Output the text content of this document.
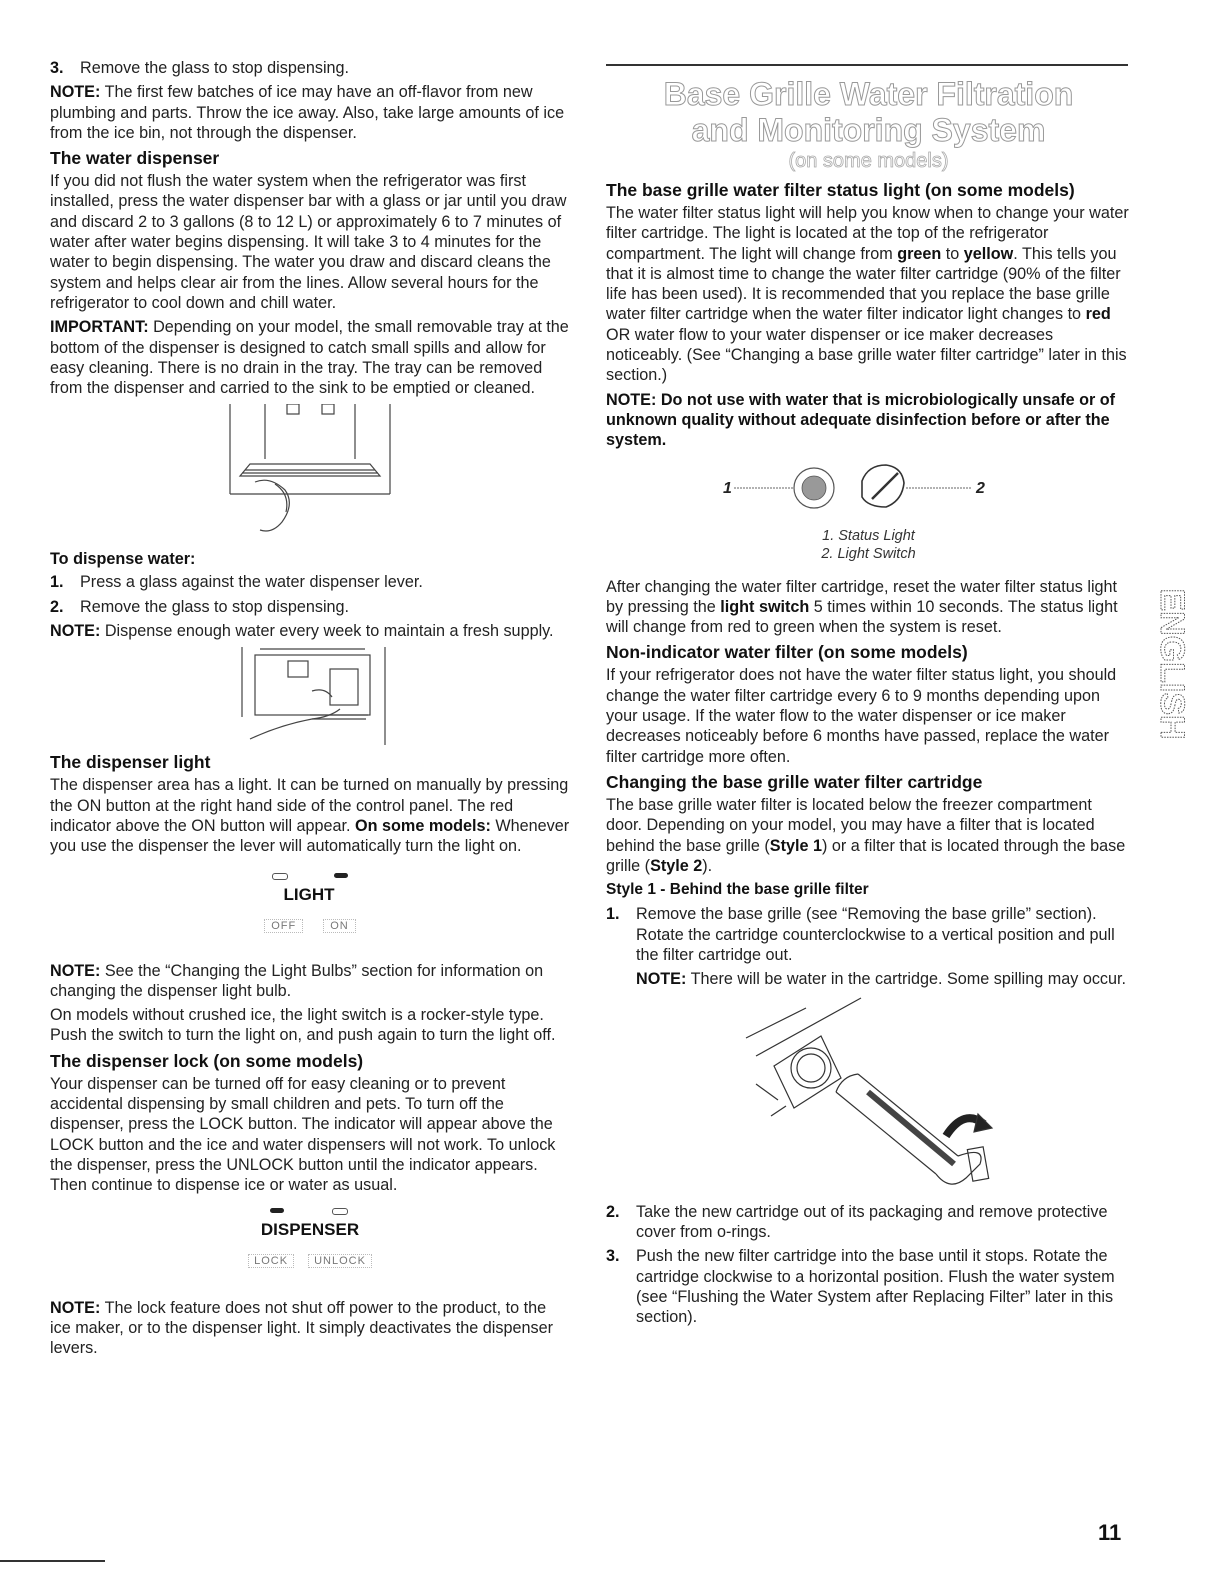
3.	Remove the glass to stop dispensing.

NOTE: The first few batches of ice may have an off-flavor from new plumbing and parts. Throw the ice away. Also, take large amounts of ice from the ice bin, not through the dispenser.

The water dispenser

If you did not flush the water system when the refrigerator was first installed, press the water dispenser bar with a glass or jar until you draw and discard 2 to 3 gallons (8 to 12 L) or approximately 6 to 7 minutes of water after water begins dispensing. It will take 3 to 4 minutes for the water to begin dispensing. The water you draw and discard cleans the system and helps clear air from the lines. Allow several hours for the refrigerator to cool down and chill water.

IMPORTANT: Depending on your model, the small removable tray at the bottom of the dispenser is designed to catch small spills and allow for easy cleaning. There is no drain in the tray. The tray can be removed from the dispenser and carried to the sink to be emptied or cleaned.

To dispense water:
1.	Press a glass against the water dispenser lever.
2.	Remove the glass to stop dispensing.

NOTE: Dispense enough water every week to maintain a fresh supply.

The dispenser light

The dispenser area has a light. It can be turned on manually by pressing the ON button at the right hand side of the control panel. The red indicator above the ON button will appear. On some models: Whenever you use the dispenser the lever will automatically turn the light on.

LIGHT
OFF	ON

NOTE: See the “Changing the Light Bulbs” section for information on changing the dispenser light bulb.

On models without crushed ice, the light switch is a rocker-style type. Push the switch to turn the light on, and push again to turn the light off.

The dispenser lock (on some models)

Your dispenser can be turned off for easy cleaning or to prevent accidental dispensing by small children and pets. To turn off the dispenser, press the LOCK button. The indicator will appear above the LOCK button and the ice and water dispensers will not work. To unlock the dispenser, press the UNLOCK button until the indicator appears. Then continue to dispense ice or water as usual.

DISPENSER
LOCK	UNLOCK

NOTE: The lock feature does not shut off power to the product, to the ice maker, or to the dispenser light. It simply deactivates the dispenser levers.

Base Grille Water Filtration
and Monitoring System
(on some models)
The base grille water filter status light (on some models)

The water filter status light will help you know when to change your water filter cartridge. The light is located at the top of the refrigerator compartment. The light will change from green to yellow. This tells you that it is almost time to change the water filter cartridge (90% of the filter life has been used). It is recommended that you replace the base grille water filter cartridge when the water filter indicator light changes to red OR water flow to your water dispenser or ice maker decreases noticeably. (See “Changing a base grille water filter cartridge” later in this section.)

NOTE: Do not use with water that is microbiologically unsafe or of unknown quality without adequate disinfection before or after the system.

1	2
1. Status Light
2. Light Switch

After changing the water filter cartridge, reset the water filter status light by pressing the light switch 5 times within 10 seconds. The status light will change from red to green when the system is reset.

Non-indicator water filter (on some models)

If your refrigerator does not have the water filter status light, you should change the water filter cartridge every 6 to 9 months depending upon your usage. If the water flow to the water dispenser or ice maker decreases noticeably before 6 months have passed, replace the water filter cartridge more often.

Changing the base grille water filter cartridge

The base grille water filter is located below the freezer compartment door. Depending on your model, you may have a filter that is located behind the base grille (Style 1) or a filter that is located through the base grille (Style 2).

Style 1 - Behind the base grille filter

1.	Remove the base grille (see “Removing the base grille” section). Rotate the cartridge counterclockwise to a vertical position and pull the filter cartridge out.

NOTE: There will be water in the cartridge. Some spilling may occur.

2.	Take the new cartridge out of its packaging and remove protective cover from o-rings.
3.	Push the new filter cartridge into the base until it stops. Rotate the cartridge clockwise to a horizontal position. Flush the water system (see “Flushing the Water System after Replacing Filter” later in this section).
ENGLISH
11
